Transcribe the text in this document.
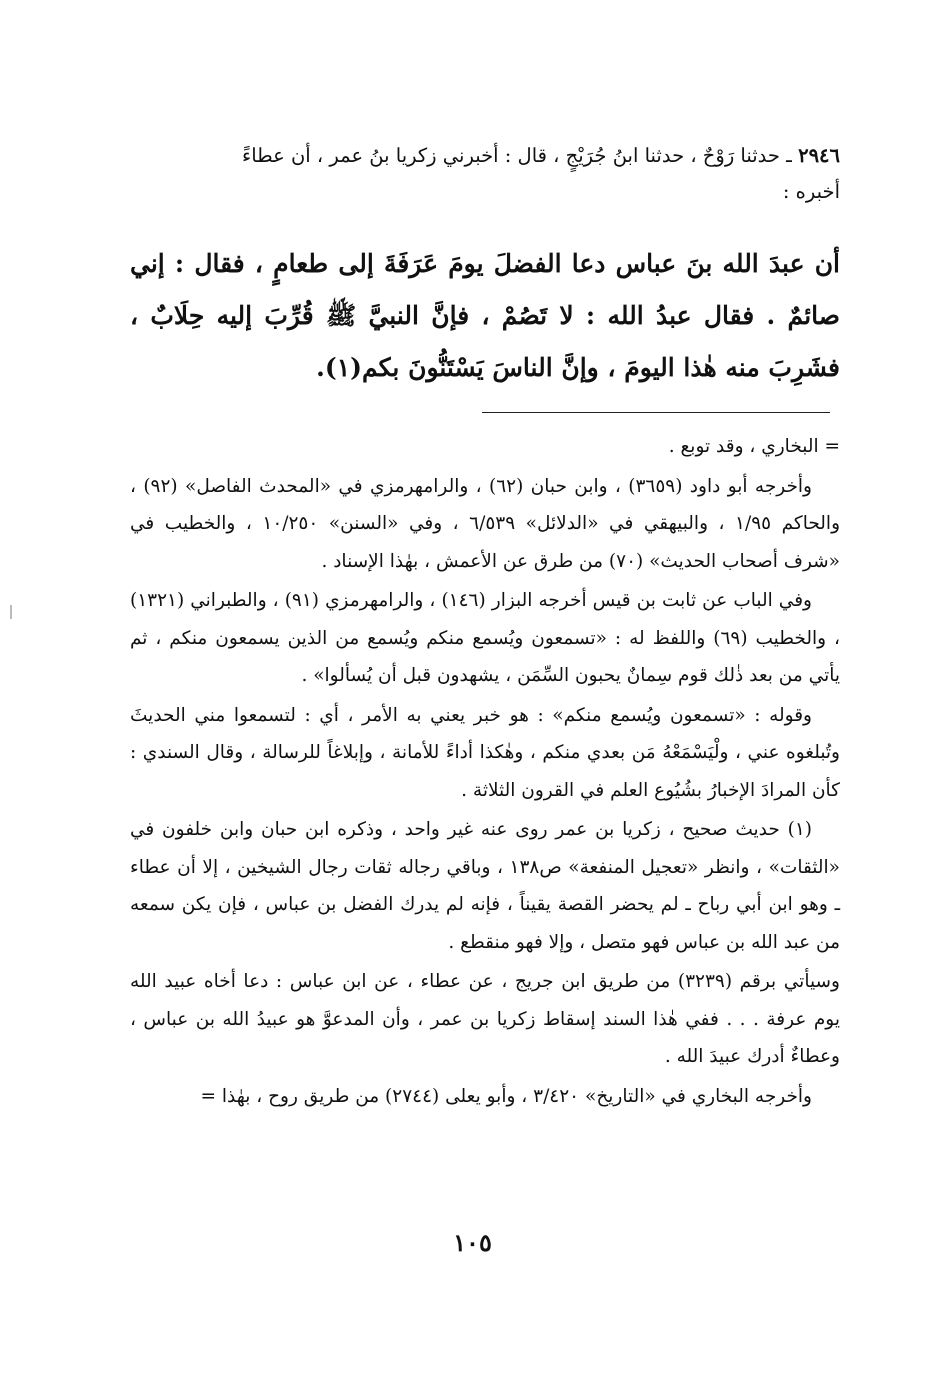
٢٩٤٦ ـ حدثنا رَوْحٌ ، حدثنا ابنُ جُرَيْجٍ ، قال : أخبرني زكريا بنُ عمر ، أن عطاءً
أخبره :
أن عبدَ الله بنَ عباس دعا الفضلَ يومَ عَرَفَةَ إلى طعامٍ ، فقال : إني صائمٌ . فقال عبدُ الله : لا تَصُمْ ، فإنَّ النبيَّ ﷺ قُرِّبَ إليه حِلَابٌ ، فشَرِبَ منه هٰذا اليومَ ، وإنَّ الناسَ يَسْتَنُّونَ بكم(١).

= البخاري ، وقد توبع .

وأخرجه أبو داود (٣٦٥٩) ، وابن حبان (٦٢) ، والرامهرمزي في «المحدث الفاصل» (٩٢) ، والحاكم ١/٩٥ ، والبيهقي في «الدلائل» ٦/٥٣٩ ، وفي «السنن» ١٠/٢٥٠ ، والخطيب في «شرف أصحاب الحديث» (٧٠) من طرق عن الأعمش ، بهٰذا الإسناد .

وفي الباب عن ثابت بن قيس أخرجه البزار (١٤٦) ، والرامهرمزي (٩١) ، والطبراني (١٣٢١) ، والخطيب (٦٩) واللفظ له : «تسمعون ويُسمع منكم ويُسمع من الذين يسمعون منكم ، ثم يأتي من بعد ذٰلك قوم سِمانٌ يحبون السِّمَن ، يشهدون قبل أن يُسألوا» .

وقوله : «تسمعون ويُسمع منكم» : هو خبر يعني به الأمر ، أي : لتسمعوا مني الحديثَ وتُبلغوه عني ، ولْيَسْمَعْهُ مَن بعدي منكم ، وهٰكذا أداءً للأمانة ، وإبلاغاً للرسالة ، وقال السندي : كأن المرادَ الإخبارُ بشُيُوع العلم في القرون الثلاثة .

(١) حديث صحيح ، زكريا بن عمر روى عنه غير واحد ، وذكره ابن حبان وابن خلفون في «الثقات» ، وانظر «تعجيل المنفعة» ص١٣٨ ، وباقي رجاله ثقات رجال الشيخين ، إلا أن عطاء ـ وهو ابن أبي رباح ـ لم يحضر القصة يقيناً ، فإنه لم يدرك الفضل بن عباس ، فإن يكن سمعه من عبد الله بن عباس فهو متصل ، وإلا فهو منقطع .

وسيأتي برقم (٣٢٣٩) من طريق ابن جريج ، عن عطاء ، عن ابن عباس : دعا أخاه عبيد الله يوم عرفة . . . ففي هٰذا السند إسقاط زكريا بن عمر ، وأن المدعوَّ هو عبيدُ الله بن عباس ، وعطاءٌ أدرك عبيدَ الله .

وأخرجه البخاري في «التاريخ» ٣/٤٢٠ ، وأبو يعلى (٢٧٤٤) من طريق روح ، بهٰذا =

١٠٥
